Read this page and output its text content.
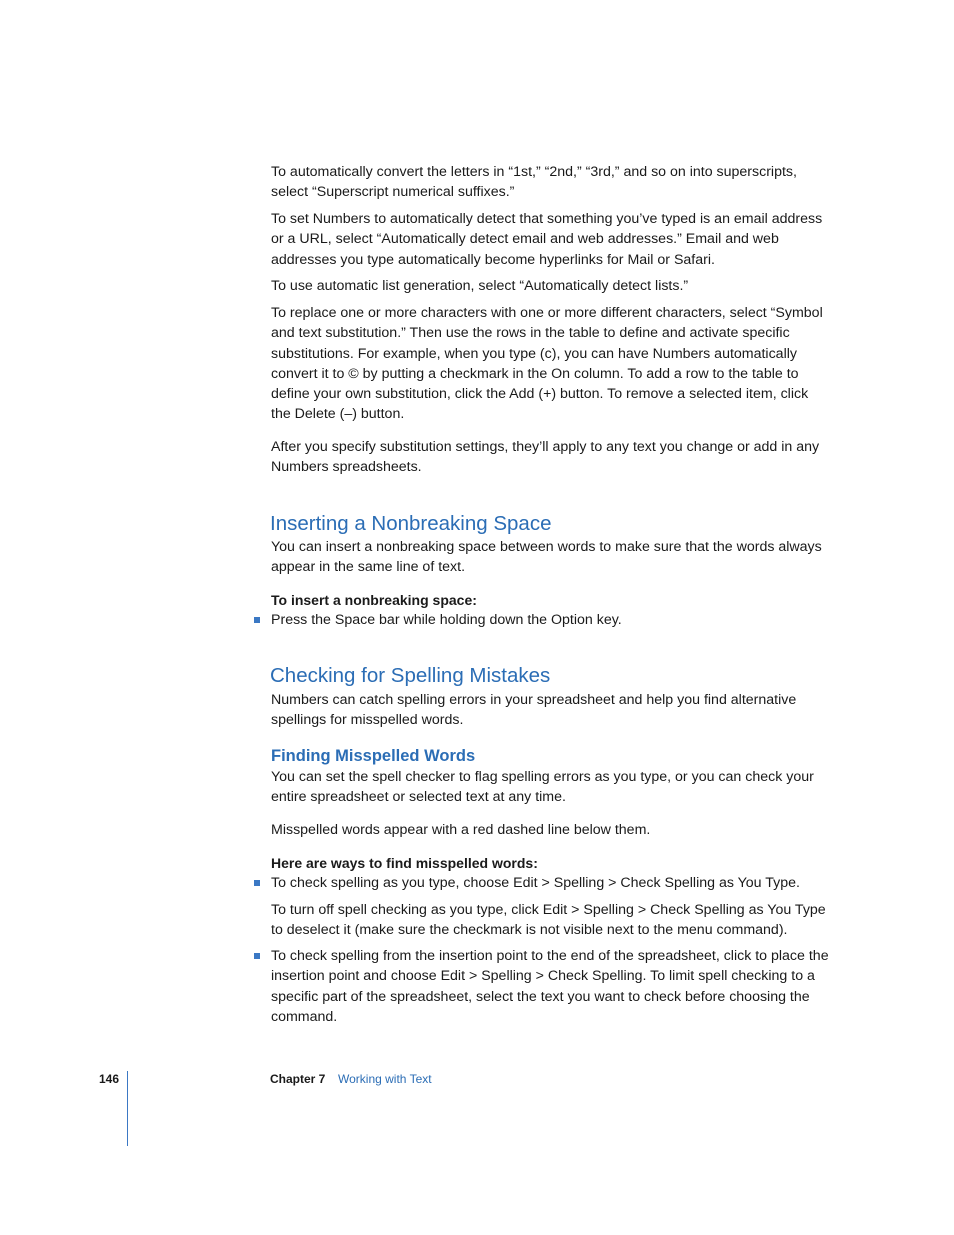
To automatically convert the letters in “1st,” “2nd,” “3rd,” and so on into superscripts, select “Superscript numerical suffixes.”

To set Numbers to automatically detect that something you’ve typed is an email address or a URL, select “Automatically detect email and web addresses.” Email and web addresses you type automatically become hyperlinks for Mail or Safari.

To use automatic list generation, select “Automatically detect lists.”

To replace one or more characters with one or more different characters, select “Symbol and text substitution.” Then use the rows in the table to define and activate specific substitutions. For example, when you type (c), you can have Numbers automatically convert it to © by putting a checkmark in the On column. To add a row to the table to define your own substitution, click the Add (+) button. To remove a selected item, click the Delete (–) button.

After you specify substitution settings, they’ll apply to any text you change or add in any Numbers spreadsheets.

Inserting a Nonbreaking Space

You can insert a nonbreaking space between words to make sure that the words always appear in the same line of text.

To insert a nonbreaking space:

Press the Space bar while holding down the Option key.

Checking for Spelling Mistakes

Numbers can catch spelling errors in your spreadsheet and help you find alternative spellings for misspelled words.

Finding Misspelled Words

You can set the spell checker to flag spelling errors as you type, or you can check your entire spreadsheet or selected text at any time.

Misspelled words appear with a red dashed line below them.

Here are ways to find misspelled words:

To check spelling as you type, choose Edit > Spelling > Check Spelling as You Type.

To turn off spell checking as you type, click Edit > Spelling > Check Spelling as You Type to deselect it (make sure the checkmark is not visible next to the menu command).

To check spelling from the insertion point to the end of the spreadsheet, click to place the insertion point and choose Edit > Spelling > Check Spelling. To limit spell checking to a specific part of the spreadsheet, select the text you want to check before choosing the command.

146	Chapter 7 Working with Text
